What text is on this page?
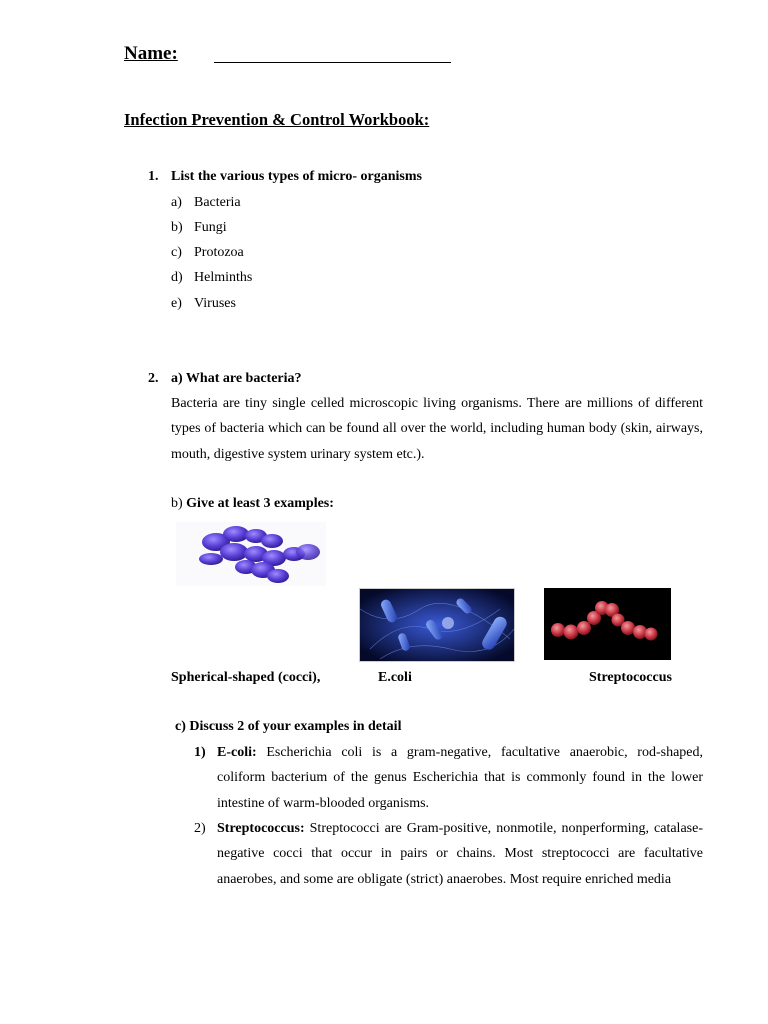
Name:
Infection Prevention & Control Workbook:
1. List the various types of micro- organisms
a) Bacteria
b) Fungi
c) Protozoa
d) Helminths
e) Viruses
2. a) What are bacteria?
Bacteria are tiny single celled microscopic living organisms. There are millions of different types of bacteria which can be found all over the world, including human body (skin, airways, mouth, digestive system urinary system etc.).
b) Give at least 3 examples:
Spherical-shaped (cocci),	E.coli	Streptococcus
c) Discuss 2 of your examples in detail
1) E-coli: Escherichia coli is a gram-negative, facultative anaerobic, rod-shaped, coliform bacterium of the genus Escherichia that is commonly found in the lower intestine of warm-blooded organisms.
2) Streptococcus: Streptococci are Gram-positive, nonmotile, nonperforming, catalase-negative cocci that occur in pairs or chains. Most streptococci are facultative anaerobes, and some are obligate (strict) anaerobes. Most require enriched media
